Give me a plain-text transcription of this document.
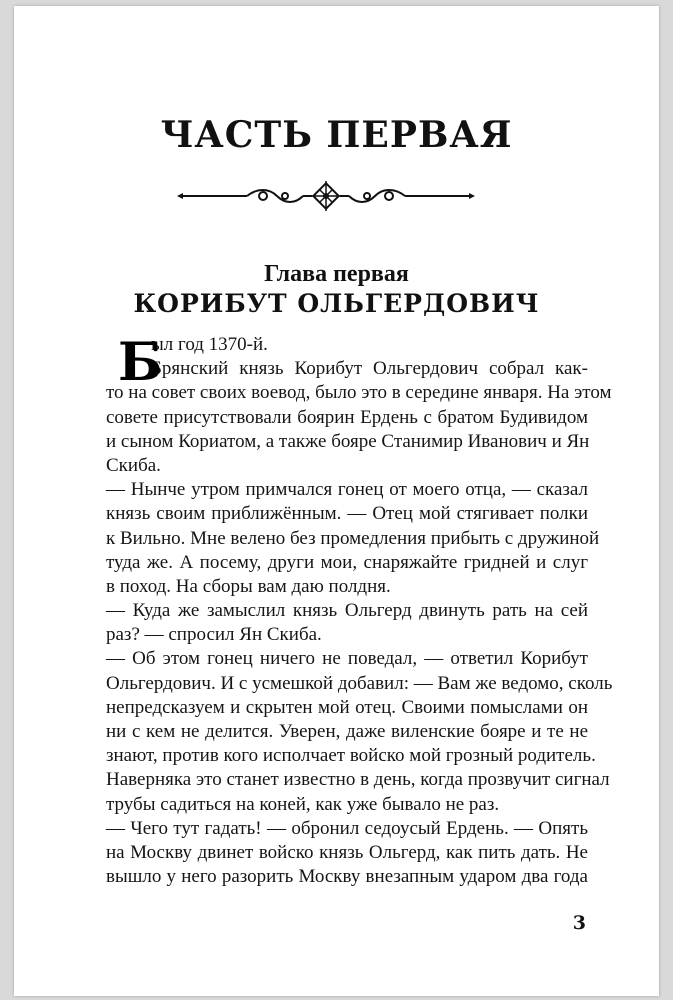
ЧАСТЬ ПЕРВАЯ
Глава первая
КОРИБУТ ОЛЬГЕРДОВИЧ
Б
ыл год 1370-й.
Брянский князь Корибут Ольгердович собрал как-
то на совет своих воевод, было это в середине января. На этом
совете присутствовали боярин Ердень с братом Будивидом
и сыном Кориатом, а также бояре Станимир Иванович и Ян
Скиба.
— Нынче утром примчался гонец от моего отца, — сказал
князь своим приближённым. — Отец мой стягивает полки
к Вильно. Мне велено без промедления прибыть с дружиной
туда же. А посему, други мои, снаряжайте гридней и слуг
в поход. На сборы вам даю полдня.
— Куда же замыслил князь Ольгерд двинуть рать на сей
раз? — спросил Ян Скиба.
— Об этом гонец ничего не поведал, — ответил Корибут
Ольгердович. И с усмешкой добавил: — Вам же ведомо, сколь
непредсказуем и скрытен мой отец. Своими помыслами он
ни с кем не делится. Уверен, даже виленские бояре и те не
знают, против кого исполчает войско мой грозный родитель.
Наверняка это станет известно в день, когда прозвучит сигнал
трубы садиться на коней, как уже бывало не раз.
— Чего тут гадать! — обронил седоусый Ердень. — Опять
на Москву двинет войско князь Ольгерд, как пить дать. Не
вышло у него разорить Москву внезапным ударом два года
3
